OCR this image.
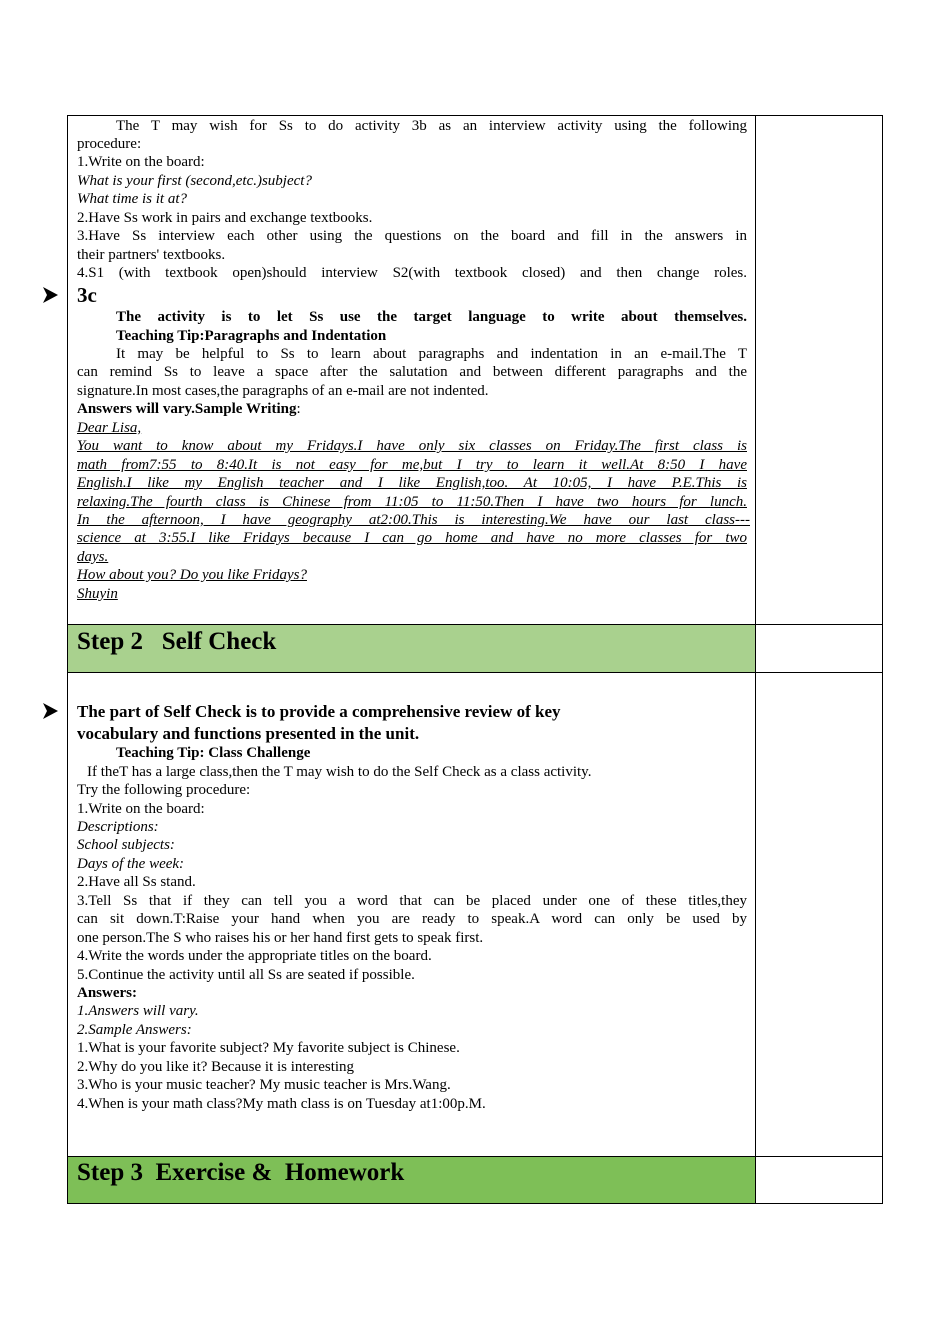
The T may wish for Ss to do activity 3b as an interview activity using the following
procedure:
1.Write on the board:
What is your first (second,etc.)subject?
What time is it at?
2.Have Ss work in pairs and exchange textbooks.
3.Have Ss interview each other using the questions on the board and fill in the answers in
their partners' textbooks.
4.S1 (with textbook open)should interview S2(with textbook closed) and then change roles.
3c
The activity is to let Ss use the target language to write about themselves.
Teaching Tip:Paragraphs and Indentation
It may be helpful to Ss to learn about paragraphs and indentation in an e-mail.The T
can remind Ss to leave a space after the salutation and between different paragraphs and the
signature.In most cases,the paragraphs of an e-mail are not indented.
Answers will vary.Sample Writing:
Dear Lisa,
You want to know about my Fridays.I have only six classes on Friday.The first class is
math from7:55 to 8:40.It is not easy for me,but I try to learn it well.At 8:50 I have
English.I like my English teacher and I like English,too. At 10:05, I have P.E.This is
relaxing.The fourth class is Chinese from 11:05 to 11:50.Then I have two hours for lunch.
In the afternoon, I have geography at2:00.This is interesting.We have our last class---
science at 3:55.I like Fridays because I can go home and have no more classes for two
days.
How about you? Do you like Fridays?
Shuyin
Step 2   Self Check
The part of Self Check is to provide a comprehensive review of key
vocabulary and functions presented in the unit.
Teaching Tip: Class Challenge
If theT has a large class,then the T may wish to do the Self Check as a class activity.
Try the following procedure:
1.Write on the board:
Descriptions:
School subjects:
Days of the week:
2.Have all Ss stand.
3.Tell Ss that if they can tell you a word that can be placed under one of these titles,they
can sit down.T:Raise your hand when you are ready to speak.A word can only be used by
one person.The S who raises his or her hand first gets to speak first.
4.Write the words under the appropriate titles on the board.
5.Continue the activity until all Ss are seated if possible.
Answers:
1.Answers will vary.
2.Sample Answers:
1.What is your favorite subject? My favorite subject is Chinese.
2.Why do you like it? Because it is interesting
3.Who is your music teacher? My music teacher is Mrs.Wang.
4.When is your math class?My math class is on Tuesday at1:00p.M.
Step 3  Exercise &  Homework
